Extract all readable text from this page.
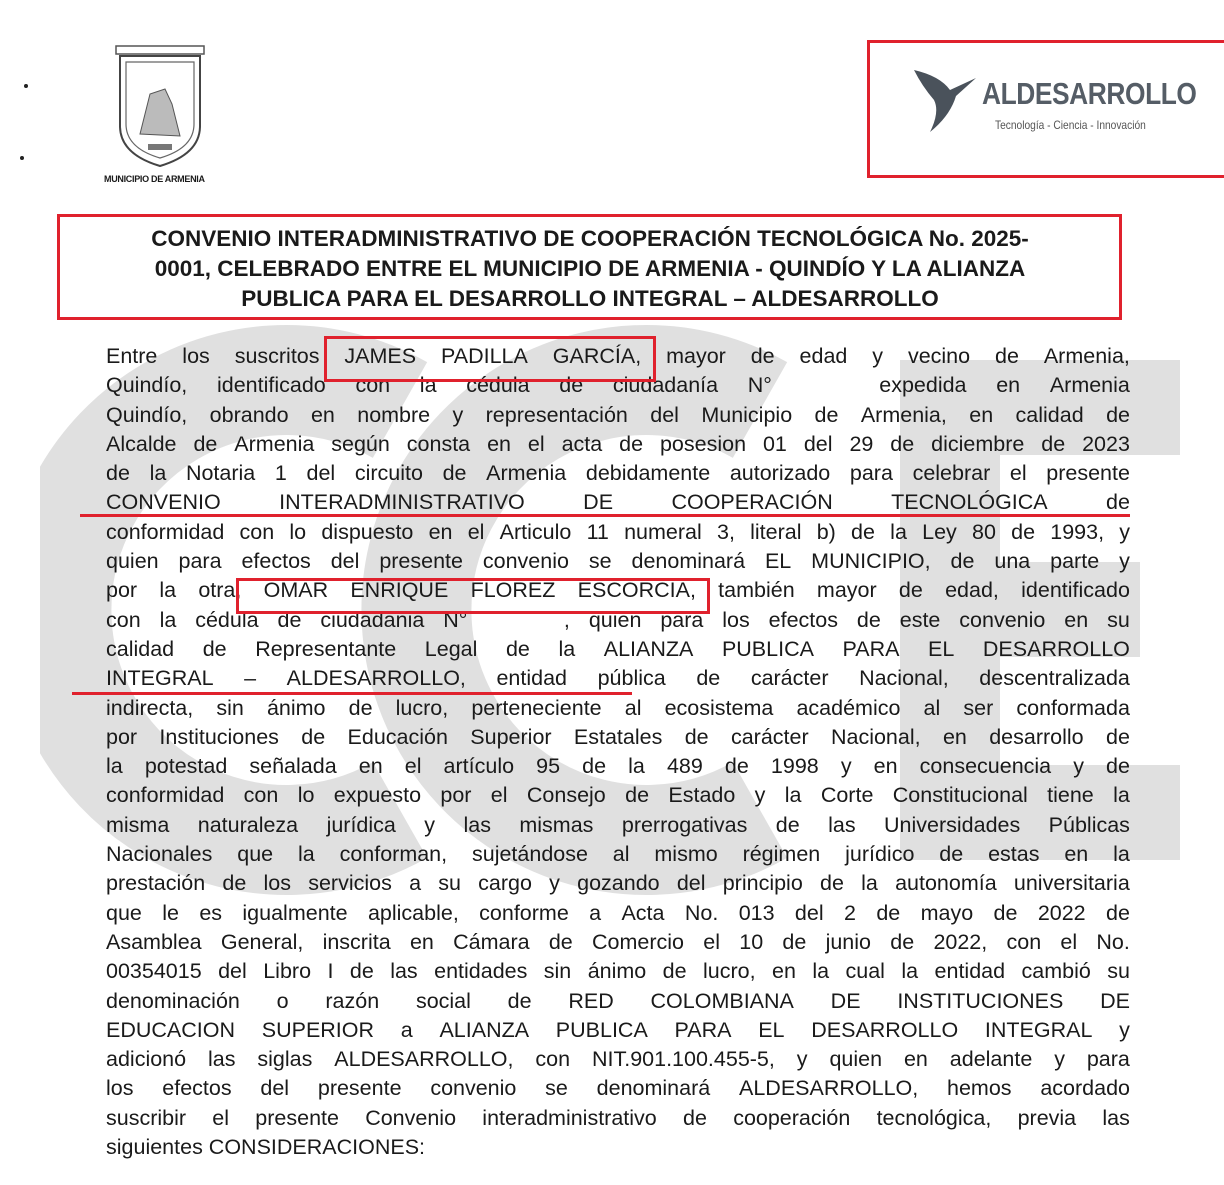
MUNICIPIO DE ARMENIA
ALDESARROLLO
Tecnología - Ciencia - Innovación
CONVENIO INTERADMINISTRATIVO DE COOPERACIÓN TECNOLÓGICA No. 2025-
0001, CELEBRADO ENTRE EL MUNICIPIO DE ARMENIA - QUINDÍO Y LA ALIANZA
PUBLICA PARA EL DESARROLLO INTEGRAL – ALDESARROLLO
Entre los suscritos JAMES PADILLA GARCÍA, mayor de edad y vecino de Armenia,
Quindío, identificado con la cédula de ciudadanía N° expedida en Armenia
Quindío, obrando en nombre y representación del Municipio de Armenia, en calidad de
Alcalde de Armenia según consta en el acta de posesion 01 del 29 de diciembre de 2023
de la Notaria 1 del circuito de Armenia debidamente autorizado para celebrar el presente
CONVENIO	INTERADMINISTRATIVO	DE	COOPERACIÓN	TECNOLÓGICA	de
conformidad con lo dispuesto en el Articulo 11 numeral 3, literal b) de la Ley 80 de 1993, y
quien para efectos del presente convenio se denominará EL MUNICIPIO, de una parte y
por la otra, OMAR ENRIQUE FLOREZ ESCORCIA, también mayor de edad, identificado
con la cédula de ciudadania N° , quien para los efectos de este convenio en su
calidad de Representante Legal de la ALIANZA PUBLICA PARA EL DESARROLLO
INTEGRAL – ALDESARROLLO, entidad pública de carácter Nacional, descentralizada
indirecta, sin ánimo de lucro, perteneciente al ecosistema académico al ser conformada
por Instituciones de Educación Superior Estatales de carácter Nacional, en desarrollo de
la potestad señalada en el artículo 95 de la 489 de 1998 y en consecuencia y de
conformidad con lo expuesto por el Consejo de Estado y la Corte Constitucional tiene la
misma naturaleza jurídica y las mismas prerrogativas de las Universidades Públicas
Nacionales que la conforman, sujetándose al mismo régimen jurídico de estas en la
prestación de los servicios a su cargo y gozando del principio de la autonomía universitaria
que le es igualmente aplicable, conforme a Acta No. 013 del 2 de mayo de 2022 de
Asamblea General, inscrita en Cámara de Comercio el 10 de junio de 2022, con el No.
00354015 del Libro I de las entidades sin ánimo de lucro, en la cual la entidad cambió su
denominación o razón social de RED COLOMBIANA DE INSTITUCIONES DE
EDUCACION SUPERIOR a ALIANZA PUBLICA PARA EL DESARROLLO INTEGRAL y
adicionó las siglas ALDESARROLLO, con NIT.901.100.455-5, y quien en adelante y para
los efectos del presente convenio se denominará ALDESARROLLO, hemos acordado
suscribir el presente Convenio interadministrativo de cooperación tecnológica, previa las
siguientes CONSIDERACIONES:
